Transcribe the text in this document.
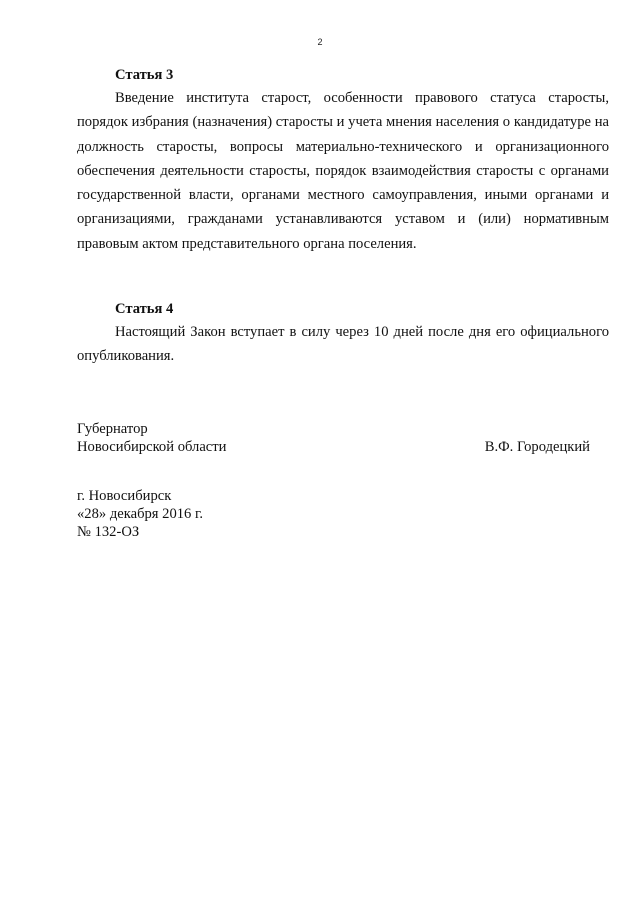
2
Статья 3

Введение института старост, особенности правового статуса старосты, порядок избрания (назначения) старосты и учета мнения населения о кандидатуре на должность старосты, вопросы материально-технического и организационного обеспечения деятельности старосты, порядок взаимодействия старосты с органами государственной власти, органами местного самоуправления, иными органами и организациями, гражданами устанавливаются уставом и (или) нормативным правовым актом представительного органа поселения.

Статья 4

Настоящий Закон вступает в силу через 10 дней после дня его официального опубликования.

Губернатор
Новосибирской области	В.Ф. Городецкий
г. Новосибирск
«28» декабря 2016 г.
№ 132-ОЗ
